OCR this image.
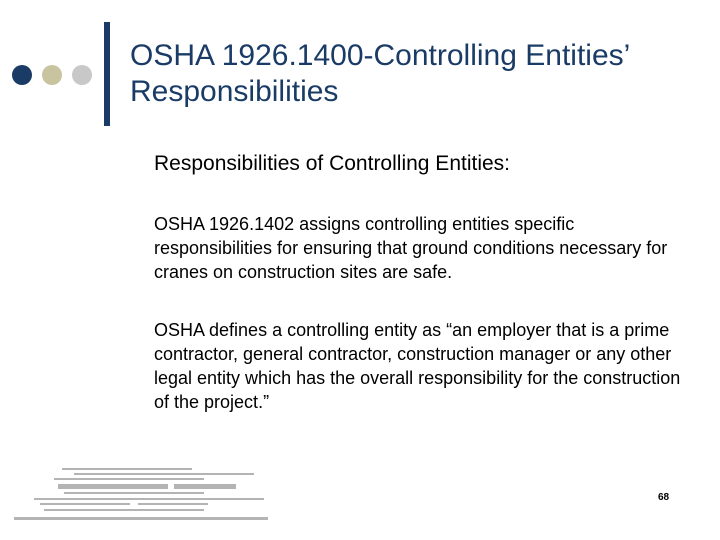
OSHA 1926.1400-Controlling Entities’
Responsibilities

Responsibilities of Controlling Entities:

OSHA 1926.1402 assigns controlling entities specific responsibilities for ensuring that ground conditions necessary for cranes on construction sites are safe.

OSHA defines a controlling entity as “an employer that is a prime contractor, general contractor, construction manager or any other legal entity which has the overall responsibility for the construction of the project.”

68
